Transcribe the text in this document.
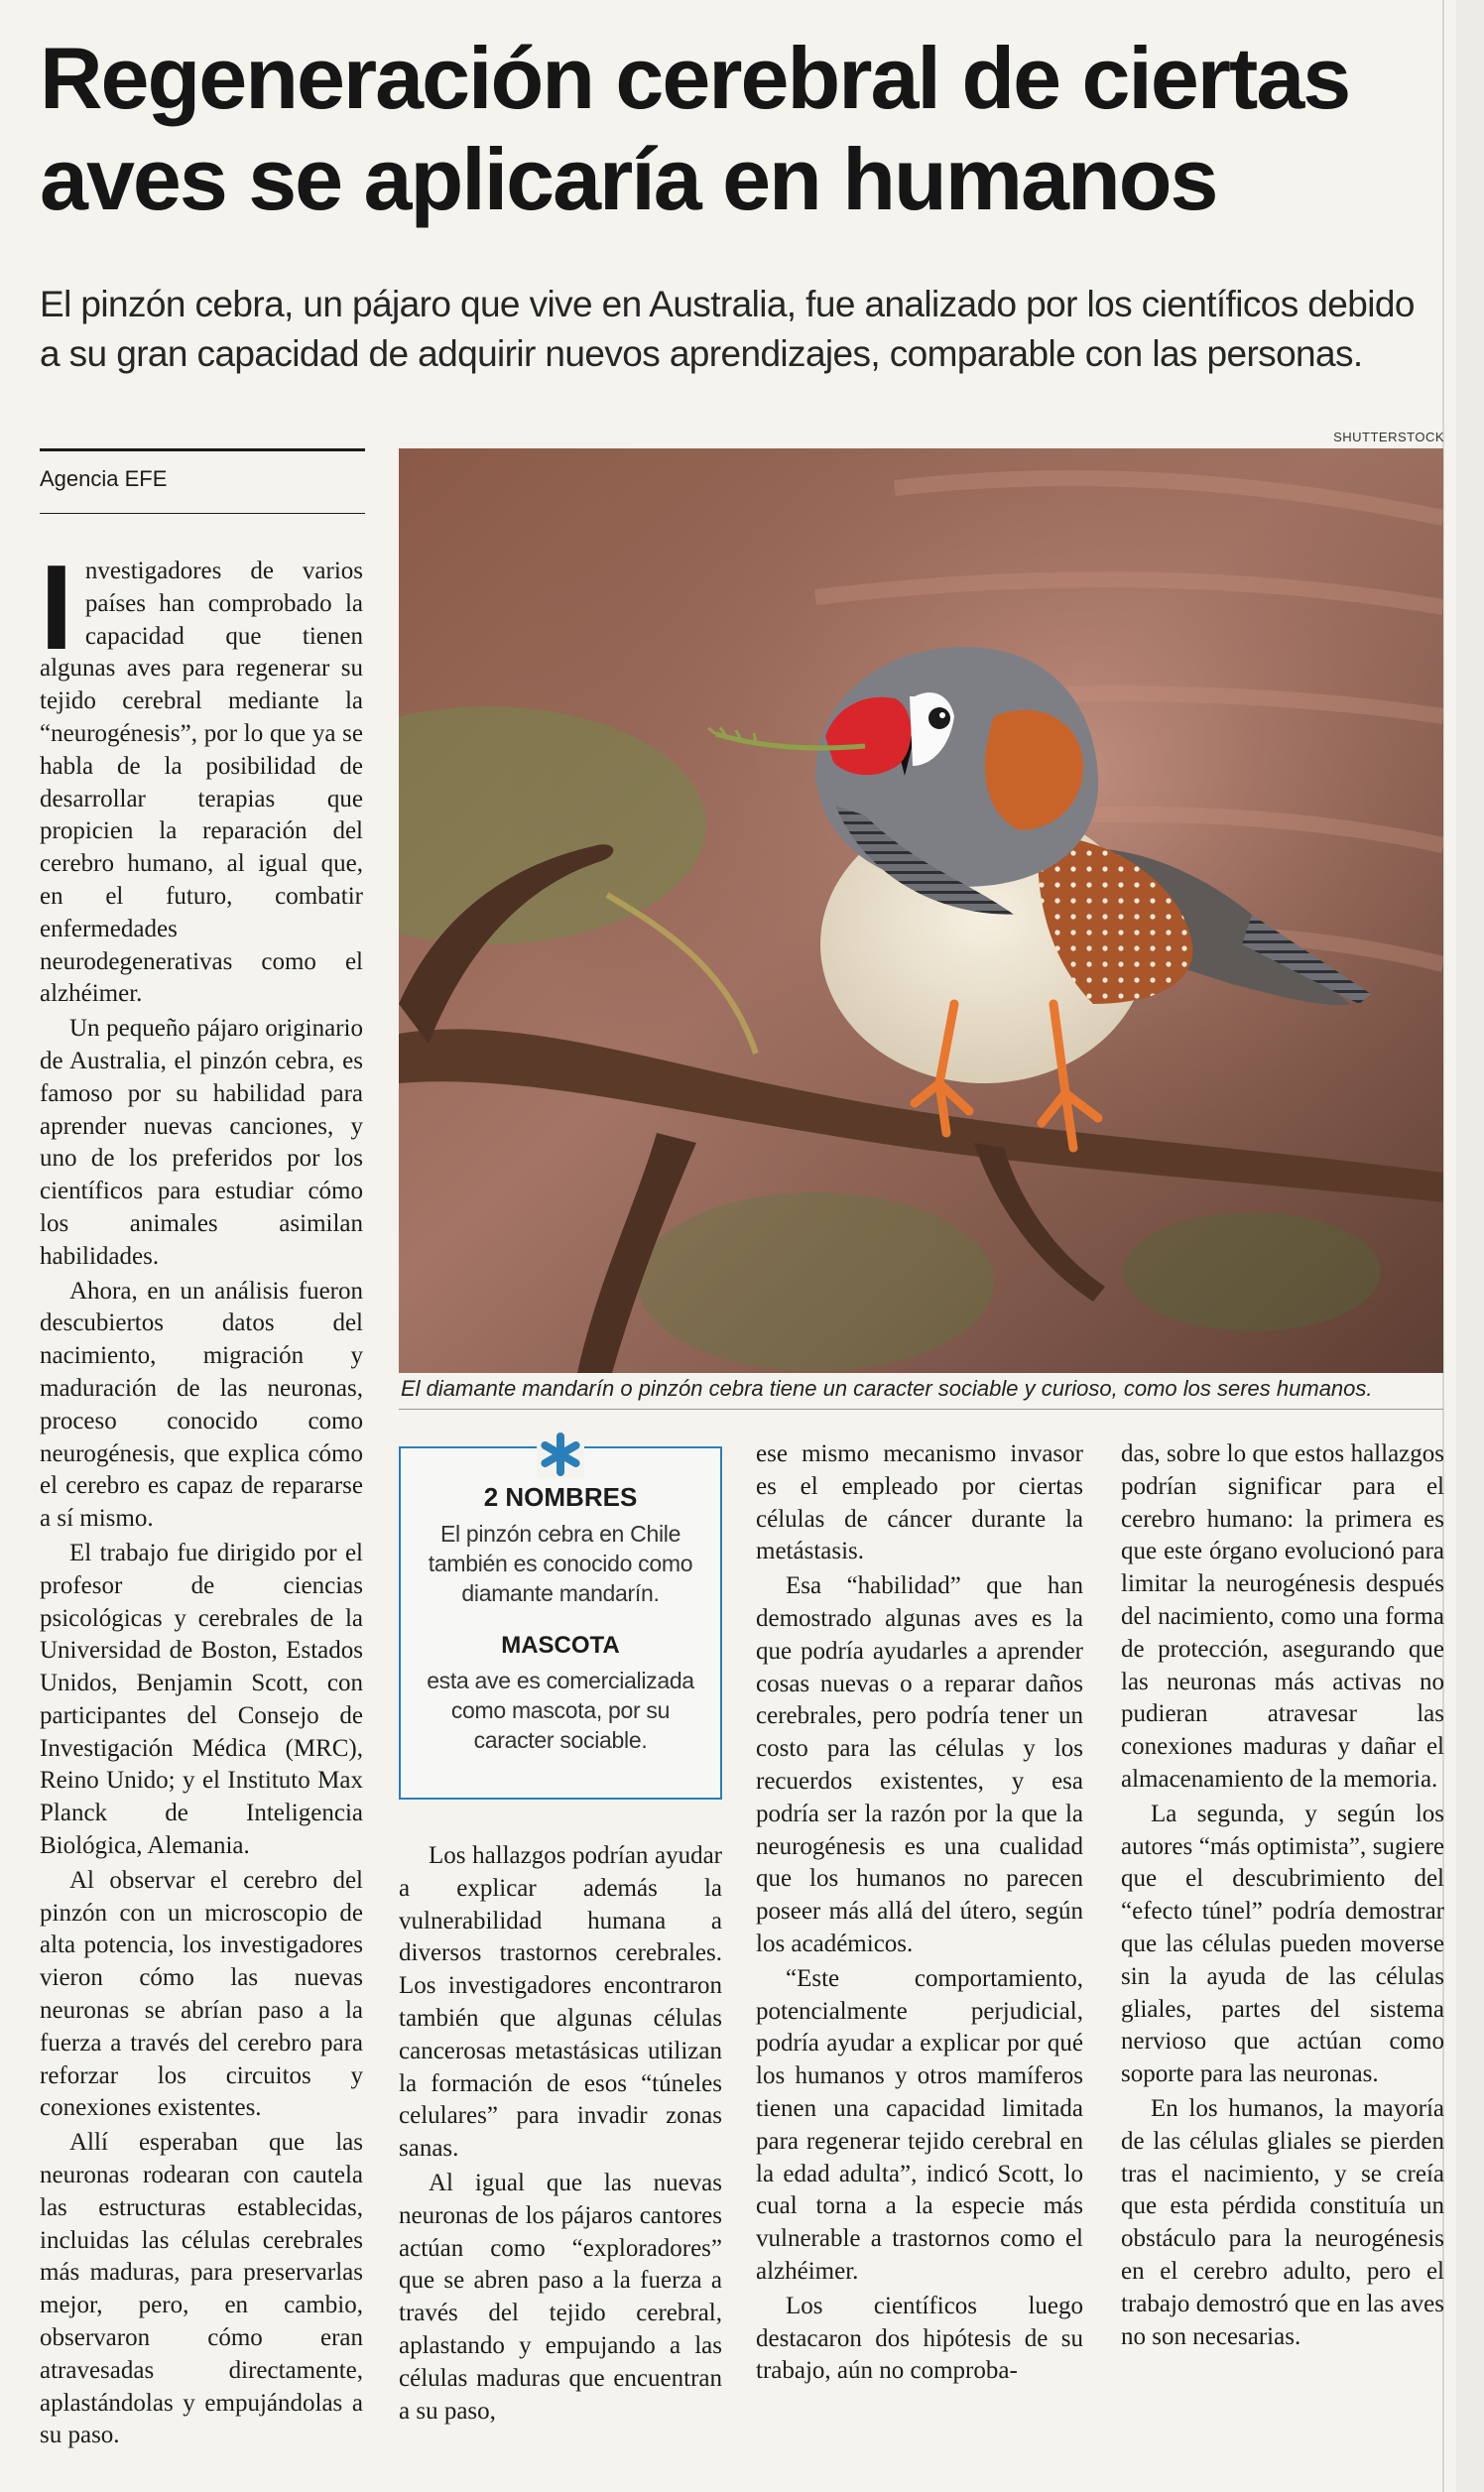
Regeneración cerebral de ciertas aves se aplicaría en humanos

El pinzón cebra, un pájaro que vive en Australia, fue analizado por los científicos debido a su gran capacidad de adquirir nuevos aprendizajes, comparable con las personas.

Agencia EFE
SHUTTERSTOCK
El diamante mandarín o pinzón cebra tiene un caracter sociable y curioso, como los seres humanos.

Investigadores de varios países han comprobado la capacidad que tienen algunas aves para regenerar su tejido cerebral mediante la “neurogénesis”, por lo que ya se habla de la posibilidad de desarrollar terapias que propicien la reparación del cerebro humano, al igual que, en el futuro, combatir enfermedades neurodegenerativas como el alzhéimer.

Un pequeño pájaro originario de Australia, el pinzón cebra, es famoso por su habilidad para aprender nuevas canciones, y uno de los preferidos por los científicos para estudiar cómo los animales asimilan habilidades.

Ahora, en un análisis fueron descubiertos datos del nacimiento, migración y maduración de las neuronas, proceso conocido como neurogénesis, que explica cómo el cerebro es capaz de repararse a sí mismo.

El trabajo fue dirigido por el profesor de ciencias psicológicas y cerebrales de la Universidad de Boston, Estados Unidos, Benjamin Scott, con participantes del Consejo de Investigación Médica (MRC), Reino Unido; y el Instituto Max Planck de Inteligencia Biológica, Alemania.

Al observar el cerebro del pinzón con un microscopio de alta potencia, los investigadores vieron cómo las nuevas neuronas se abrían paso a la fuerza a través del cerebro para reforzar los circuitos y conexiones existentes.

Allí esperaban que las neuronas rodearan con cautela las estructuras establecidas, incluidas las células cerebrales más maduras, para preservarlas mejor, pero, en cambio, observaron cómo eran atravesadas directamente, aplastándolas y empujándolas a su paso.

2 NOMBRES
El pinzón cebra en Chile también es conocido como diamante mandarín.
MASCOTA
esta ave es comercializada como mascota, por su caracter sociable.

Los hallazgos podrían ayudar a explicar además la vulnerabilidad humana a diversos trastornos cerebrales. Los investigadores encontraron también que algunas células cancerosas metastásicas utilizan la formación de esos “túneles celulares” para invadir zonas sanas.

Al igual que las nuevas neuronas de los pájaros cantores actúan como “exploradores” que se abren paso a la fuerza a través del tejido cerebral, aplastando y empujando a las células maduras que encuentran a su paso,

ese mismo mecanismo invasor es el empleado por ciertas células de cáncer durante la metástasis.

Esa “habilidad” que han demostrado algunas aves es la que podría ayudarles a aprender cosas nuevas o a reparar daños cerebrales, pero podría tener un costo para las células y los recuerdos existentes, y esa podría ser la razón por la que la neurogénesis es una cualidad que los humanos no parecen poseer más allá del útero, según los académicos.

“Este comportamiento, potencialmente perjudicial, podría ayudar a explicar por qué los humanos y otros mamíferos tienen una capacidad limitada para regenerar tejido cerebral en la edad adulta”, indicó Scott, lo cual torna a la especie más vulnerable a trastornos como el alzhéimer.

Los científicos luego destacaron dos hipótesis de su trabajo, aún no comproba-

das, sobre lo que estos hallazgos podrían significar para el cerebro humano: la primera es que este órgano evolucionó para limitar la neurogénesis después del nacimiento, como una forma de protección, asegurando que las neuronas más activas no pudieran atravesar las conexiones maduras y dañar el almacenamiento de la memoria.

La segunda, y según los autores “más optimista”, sugiere que el descubrimiento del “efecto túnel” podría demostrar que las células pueden moverse sin la ayuda de las células gliales, partes del sistema nervioso que actúan como soporte para las neuronas.

En los humanos, la mayoría de las células gliales se pierden tras el nacimiento, y se creía que esta pérdida constituía un obstáculo para la neurogénesis en el cerebro adulto, pero el trabajo demostró que en las aves no son necesarias.
